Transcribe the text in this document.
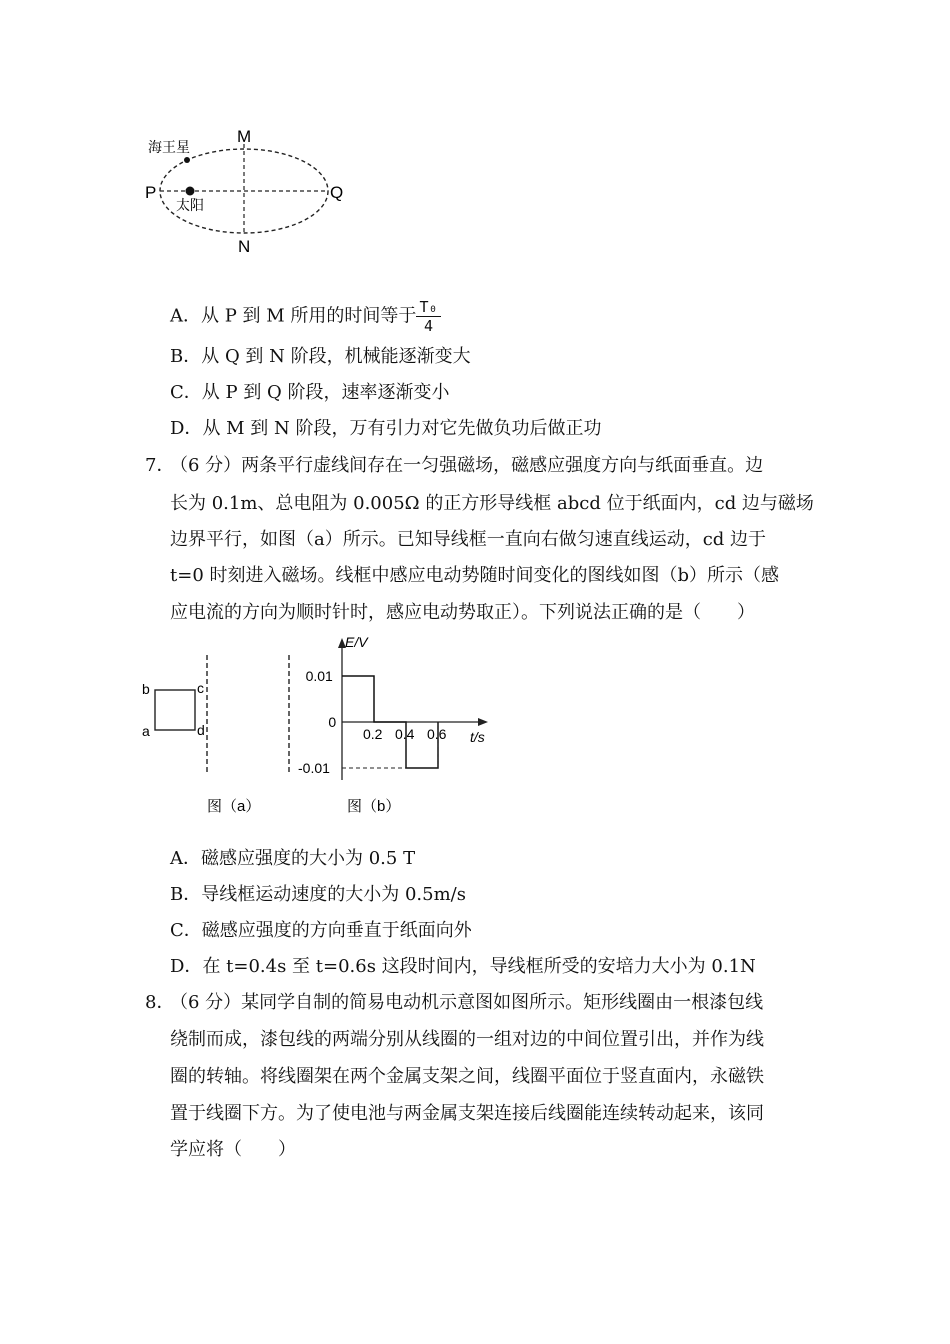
海王星
太阳
M
N
P	Q
A．从 P 到 M 所用的时间等于 $\frac{\text{T₀}}{4}$
B．从 Q 到 N 阶段，机械能逐渐变大
C．从 P 到 Q 阶段，速率逐渐变小
D．从 M 到 N 阶段，万有引力对它先做负功后做正功
7．
（6 分）两条平行虚线间存在一匀强磁场，磁感应强度方向与纸面垂直。边
长为 0.1m、总电阻为 0.005Ω 的正方形导线框 abcd 位于纸面内，cd 边与磁场
边界平行，如图（a）所示。已知导线框一直向右做匀速直线运动，cd 边于
t=0 时刻进入磁场。线框中感应电动势随时间变化的图线如图（b）所示（感
应电流的方向为顺时针时，感应电动势取正）。下列说法正确的是（　　）
b
a
c
d
图（a）
E/V
t/s
0.2 0.4 0.6
0.01
0
-0.01
图（b）
A．磁感应强度的大小为 0.5 T
B．导线框运动速度的大小为 0.5m/s
C．磁感应强度的方向垂直于纸面向外
D．在 t=0.4s 至 t=0.6s 这段时间内，导线框所受的安培力大小为 0.1N
8．
（6 分）某同学自制的简易电动机示意图如图所示。矩形线圈由一根漆包线
绕制而成，漆包线的两端分别从线圈的一组对边的中间位置引出，并作为线
圈的转轴。将线圈架在两个金属支架之间，线圈平面位于竖直面内，永磁铁
置于线圈下方。为了使电池与两金属支架连接后线圈能连续转动起来，该同
学应将（　　）
